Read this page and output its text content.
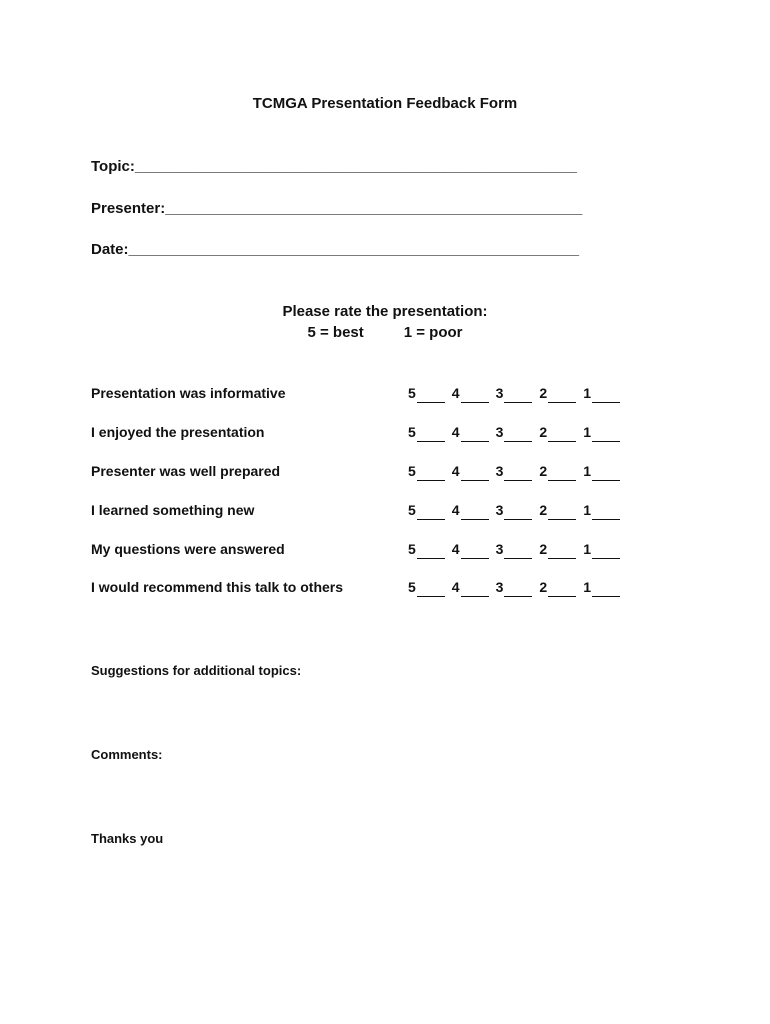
TCMGA Presentation Feedback Form
Topic:_____________________________________________________
Presenter:__________________________________________________
Date:______________________________________________________
Please rate the presentation:
5 = best	1 = poor
Presentation was informative	5	4	3	2	1
I enjoyed the presentation	5	4	3	2	1
Presenter was well prepared	5	4	3	2	1
I learned something new	5	4	3	2	1
My questions were answered	5	4	3	2	1
I would recommend this talk to others	5	4	3	2	1
Suggestions for additional topics:
Comments:
Thanks you
